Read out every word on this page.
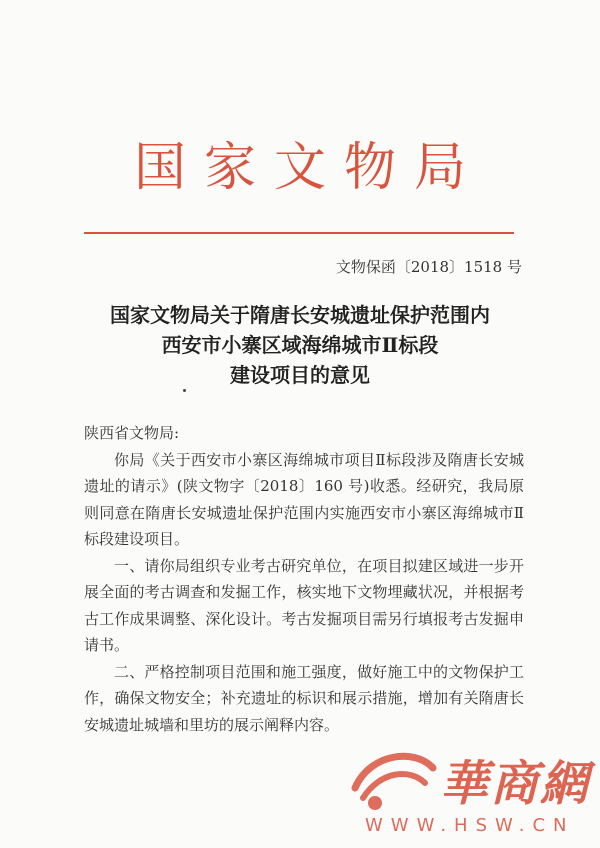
国家文物局
文物保函〔2018〕1518 号
国家文物局关于隋唐长安城遗址保护范围内
西安市小寨区域海绵城市Ⅱ标段
建设项目的意见

陕西省文物局:

你局《关于西安市小寨区海绵城市项目Ⅱ标段涉及隋唐长安城遗址的请示》(陕文物字〔2018〕160 号)收悉。经研究，我局原则同意在隋唐长安城遗址保护范围内实施西安市小寨区海绵城市Ⅱ标段建设项目。

一、请你局组织专业考古研究单位，在项目拟建区域进一步开展全面的考古调查和发掘工作，核实地下文物埋藏状况，并根据考古工作成果调整、深化设计。考古发掘项目需另行填报考古发掘申请书。

二、严格控制项目范围和施工强度，做好施工中的文物保护工作，确保文物安全；补充遗址的标识和展示措施，增加有关隋唐长安城遗址城墙和里坊的展示阐释内容。

華商網
WWW.HSW.CN
